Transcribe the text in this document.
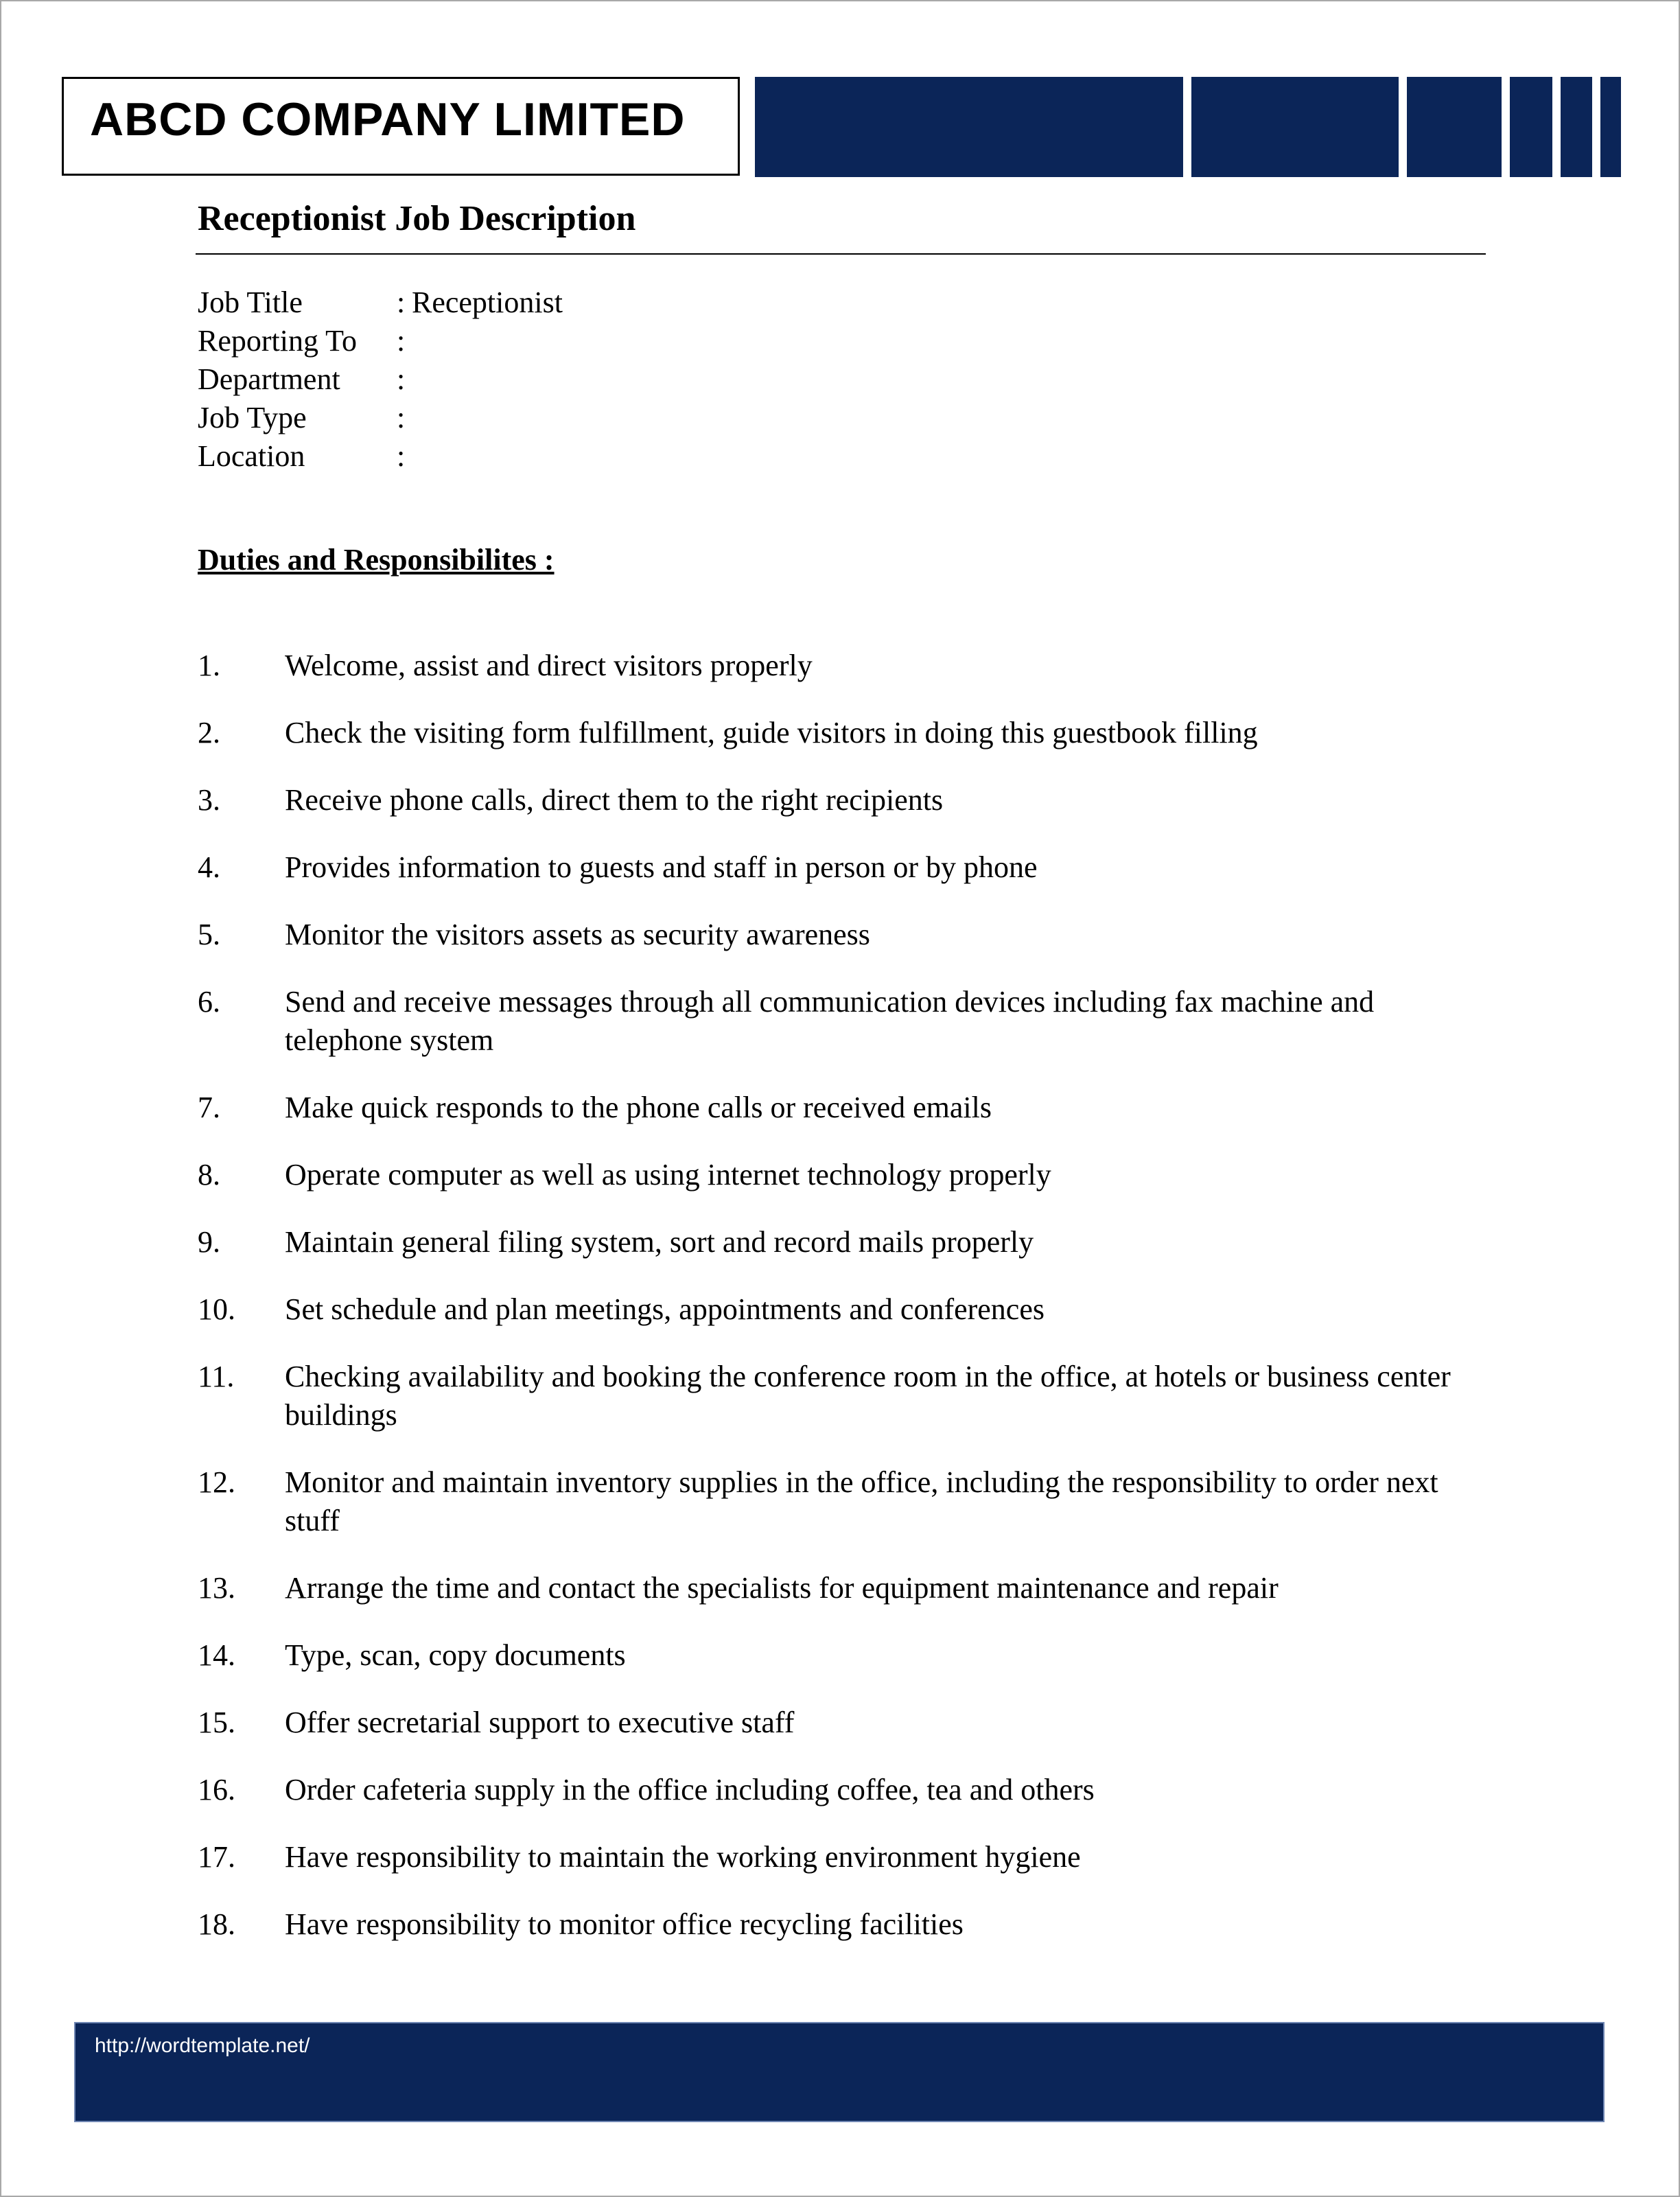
ABCD COMPANY LIMITED
Receptionist Job Description
Job Title	: Receptionist
Reporting To	:
Department	:
Job Type	:
Location	:
Duties and Responsibilites :
1.	Welcome, assist and direct visitors properly
2.	Check the visiting form fulfillment, guide visitors in doing this guestbook filling
3.	Receive phone calls, direct them to the right recipients
4.	Provides information to guests and staff in person or by phone
5.	Monitor the visitors assets as security awareness
6.	Send and receive messages through all communication devices including fax machine and telephone system
7.	Make quick responds to the phone calls or received emails
8.	Operate computer as well as using internet technology properly
9.	Maintain general filing system, sort and record mails properly
10.	Set schedule and plan meetings, appointments and conferences
11.	Checking availability and booking the conference room in the office, at hotels or business center buildings
12.	Monitor and maintain inventory supplies in the office, including the responsibility to order next stuff
13.	Arrange the time and contact the specialists for equipment maintenance and repair
14.	Type, scan, copy documents
15.	Offer secretarial support to executive staff
16.	Order cafeteria supply in the office including coffee, tea and others
17.	Have responsibility to maintain the working environment hygiene
18.	Have responsibility to monitor office recycling facilities
http://wordtemplate.net/
